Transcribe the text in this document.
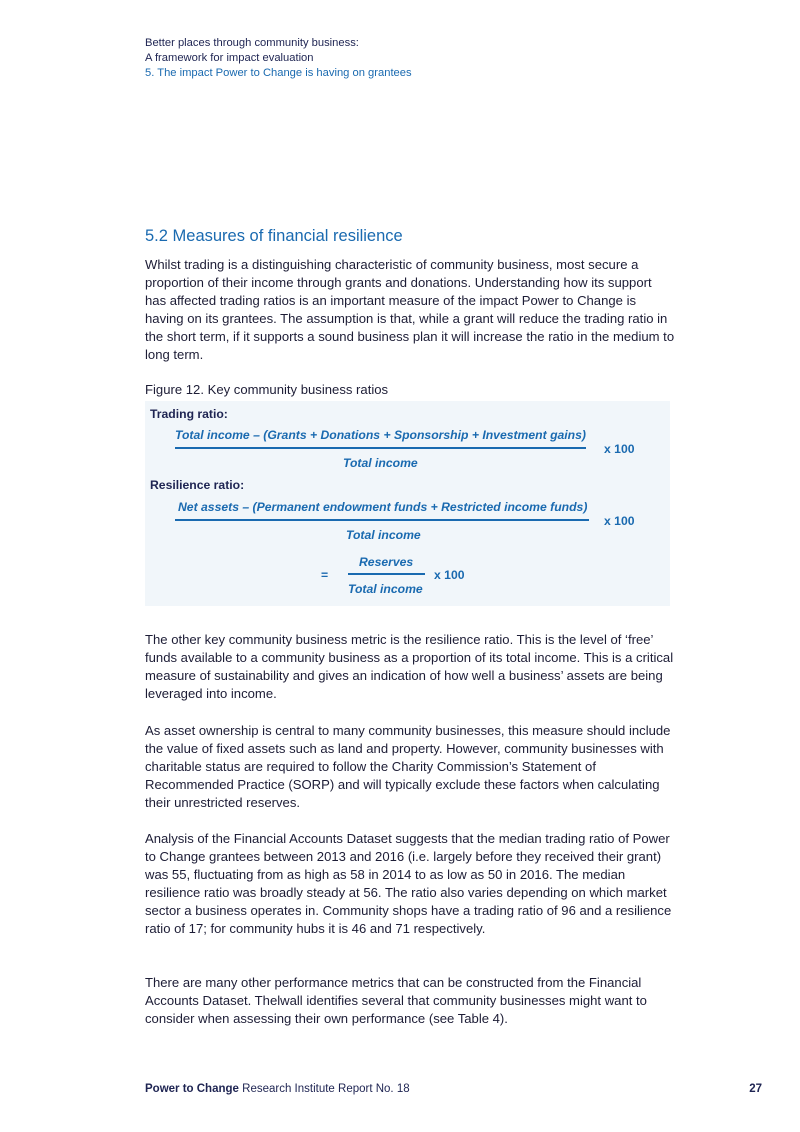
Better places through community business:
A framework for impact evaluation
5. The impact Power to Change is having on grantees
5.2 Measures of financial resilience

Whilst trading is a distinguishing characteristic of community business, most secure a proportion of their income through grants and donations. Understanding how its support has affected trading ratios is an important measure of the impact Power to Change is having on its grantees. The assumption is that, while a grant will reduce the trading ratio in the short term, if it supports a sound business plan it will increase the ratio in the medium to long term.

Figure 12. Key community business ratios
Trading ratio:
Total income – (Grants + Donations + Sponsorship + Investment gains)
Total income
x 100
Resilience ratio:
Net assets – (Permanent endowment funds + Restricted income funds)
Total income
x 100
=
Reserves
Total income
x 100

The other key community business metric is the resilience ratio. This is the level of ‘free’ funds available to a community business as a proportion of its total income. This is a critical measure of sustainability and gives an indication of how well a business’ assets are being leveraged into income.

As asset ownership is central to many community businesses, this measure should include the value of fixed assets such as land and property. However, community businesses with charitable status are required to follow the Charity Commission’s Statement of Recommended Practice (SORP) and will typically exclude these factors when calculating their unrestricted reserves.

Analysis of the Financial Accounts Dataset suggests that the median trading ratio of Power to Change grantees between 2013 and 2016 (i.e. largely before they received their grant) was 55, fluctuating from as high as 58 in 2014 to as low as 50 in 2016. The median resilience ratio was broadly steady at 56. The ratio also varies depending on which market sector a business operates in. Community shops have a trading ratio of 96 and a resilience ratio of 17; for community hubs it is 46 and 71 respectively.

There are many other performance metrics that can be constructed from the Financial Accounts Dataset. Thelwall identifies several that community businesses might want to consider when assessing their own performance (see Table 4).

Power to Change Research Institute Report No. 18	27
